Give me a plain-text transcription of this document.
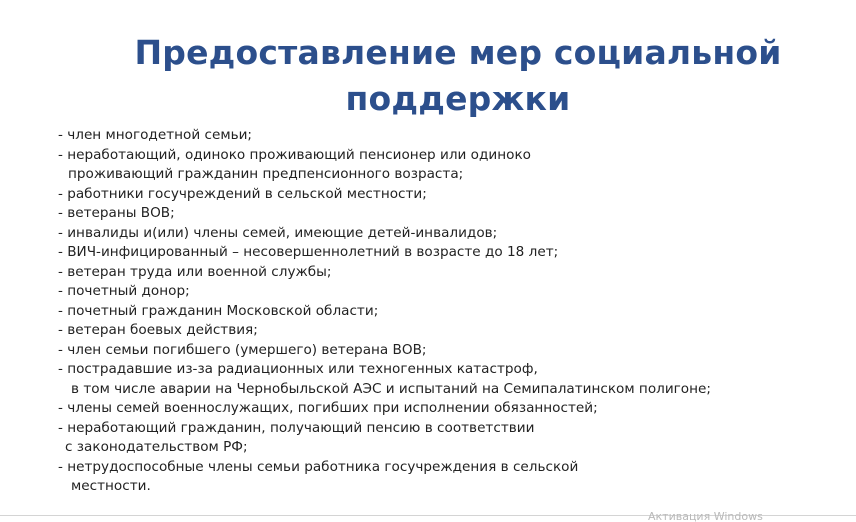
Предоставление мер социальной
поддержки
- член многодетной семьи;
- неработающий, одиноко проживающий пенсионер или одиноко
проживающий гражданин предпенсионного возраста;
- работники госучреждений в сельской местности;
- ветераны ВОВ;
- инвалиды и(или) члены семей, имеющие детей-инвалидов;
- ВИЧ-инфицированный – несовершеннолетний в возрасте до 18 лет;
- ветеран труда или военной службы;
- почетный донор;
- почетный гражданин Московской области;
- ветеран боевых действия;
- член семьи погибшего (умершего) ветерана ВОВ;
- пострадавшие из-за радиационных или техногенных катастроф,
в том числе аварии на Чернобыльской АЭС и испытаний на Семипалатинском полигоне;
- члены семей военнослужащих, погибших при исполнении обязанностей;
- неработающий гражданин, получающий пенсию в соответствии
с законодательством РФ;
- нетрудоспособные члены семьи работника госучреждения в сельской
местности.
Активация Windows
